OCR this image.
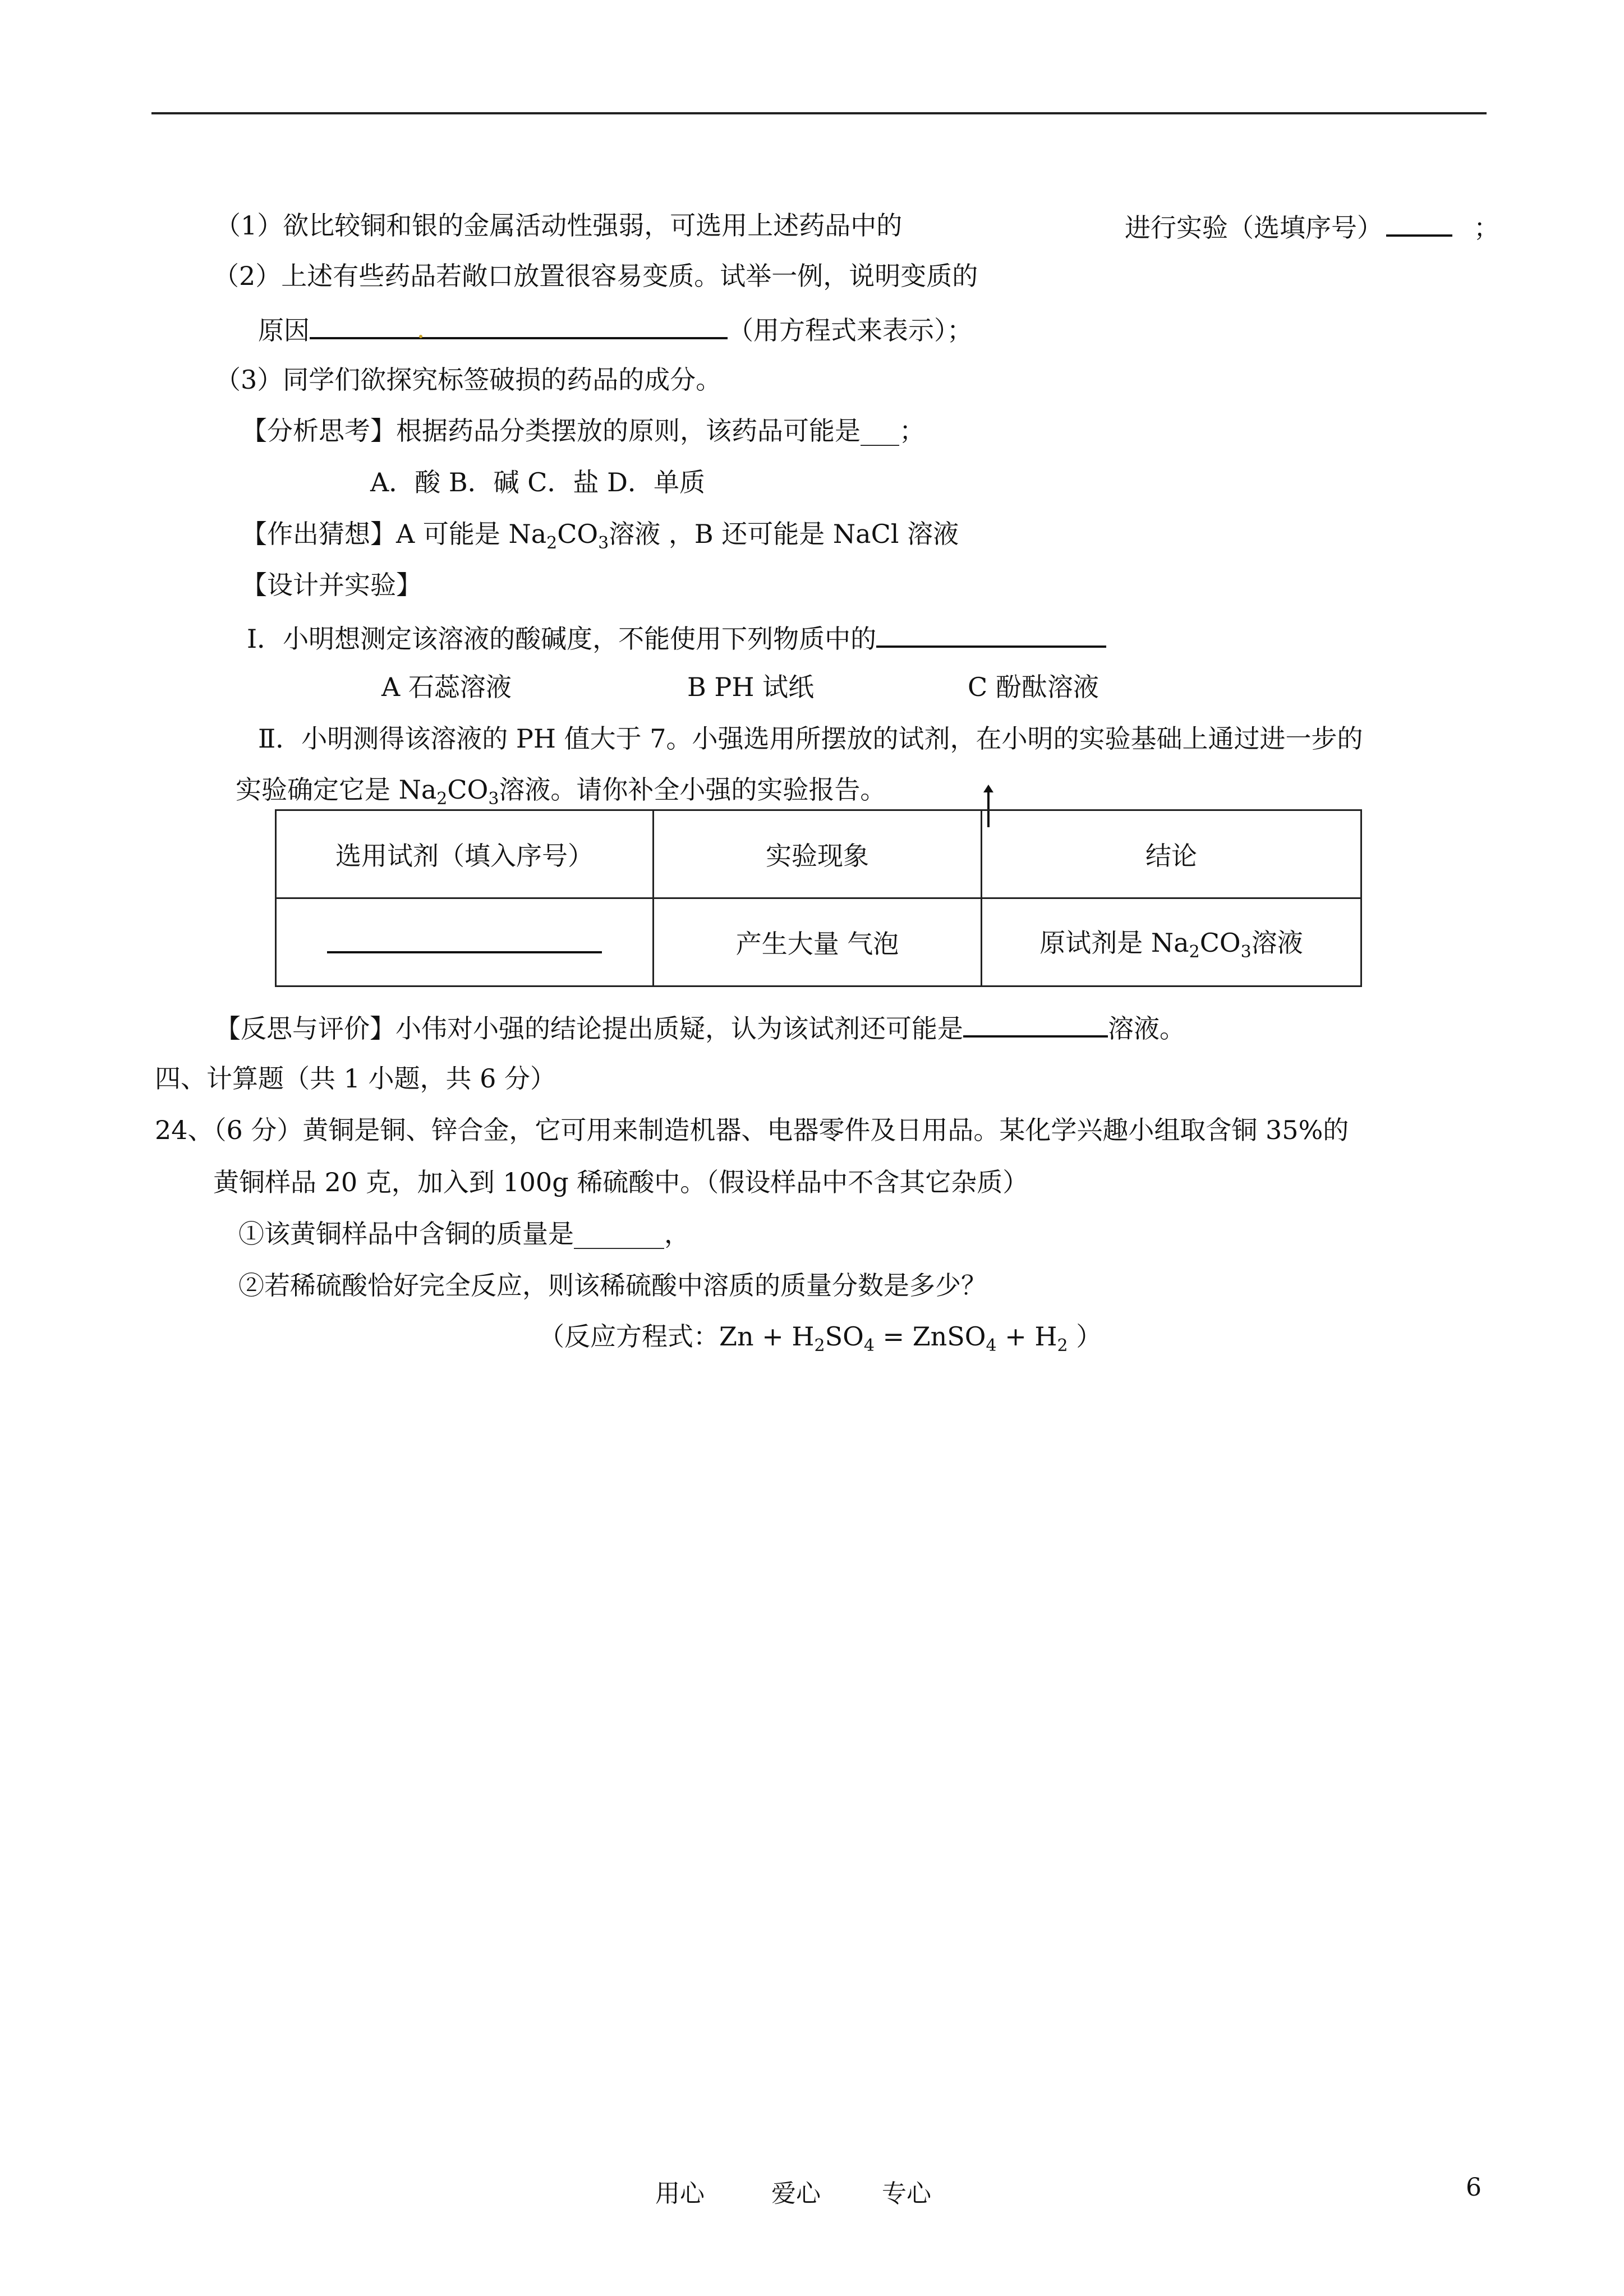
（1）欲比较铜和银的金属活动性强弱，可选用上述药品中的	进行实验（选填序号）	；
（2）上述有些药品若敞口放置很容易变质。试举一例，说明变质的
原因	（用方程式来表示）；
（3）同学们欲探究标签破损的药品的成分。
【分析思考】根据药品分类摆放的原则，该药品可能是___；
A．酸 B．碱 C．盐 D．单质
【作出猜想】A 可能是 $Na_2CO_3$溶液 ，B 还可能是 NaCl 溶液
【设计并实验】
Ⅰ．小明想测定该溶液的酸碱度，不能使用下列物质中的
A 石蕊溶液	B PH 试纸	C 酚酞溶液
Ⅱ．小明测得该溶液的 PH 值大于 7。小强选用所摆放的试剂，在小明的实验基础上通过进一步的
实验确定它是 $Na_2CO_3$溶液。请你补全小强的实验报告。
选用试剂（填入序号）	实验现象	结论
	产生大量 气泡	原试剂是 $Na_2CO_3$溶液
【反思与评价】小伟对小强的结论提出质疑，认为该试剂还可能是	溶液。
四、计算题（共 1 小题，共 6 分）
24、（6 分）黄铜是铜、锌合金，它可用来制造机器、电器零件及日用品。某化学兴趣小组取含铜 35%的
黄铜样品 20 克，加入到 100g 稀硫酸中。（假设样品中不含其它杂质）
①该黄铜样品中含铜的质量是_______，
②若稀硫酸恰好完全反应，则该稀硫酸中溶质的质量分数是多少？
（反应方程式：$Zn + H_2SO_4$ = ZnSO$_4$ + $H_2$ ）
用心	爱心 专心	6
